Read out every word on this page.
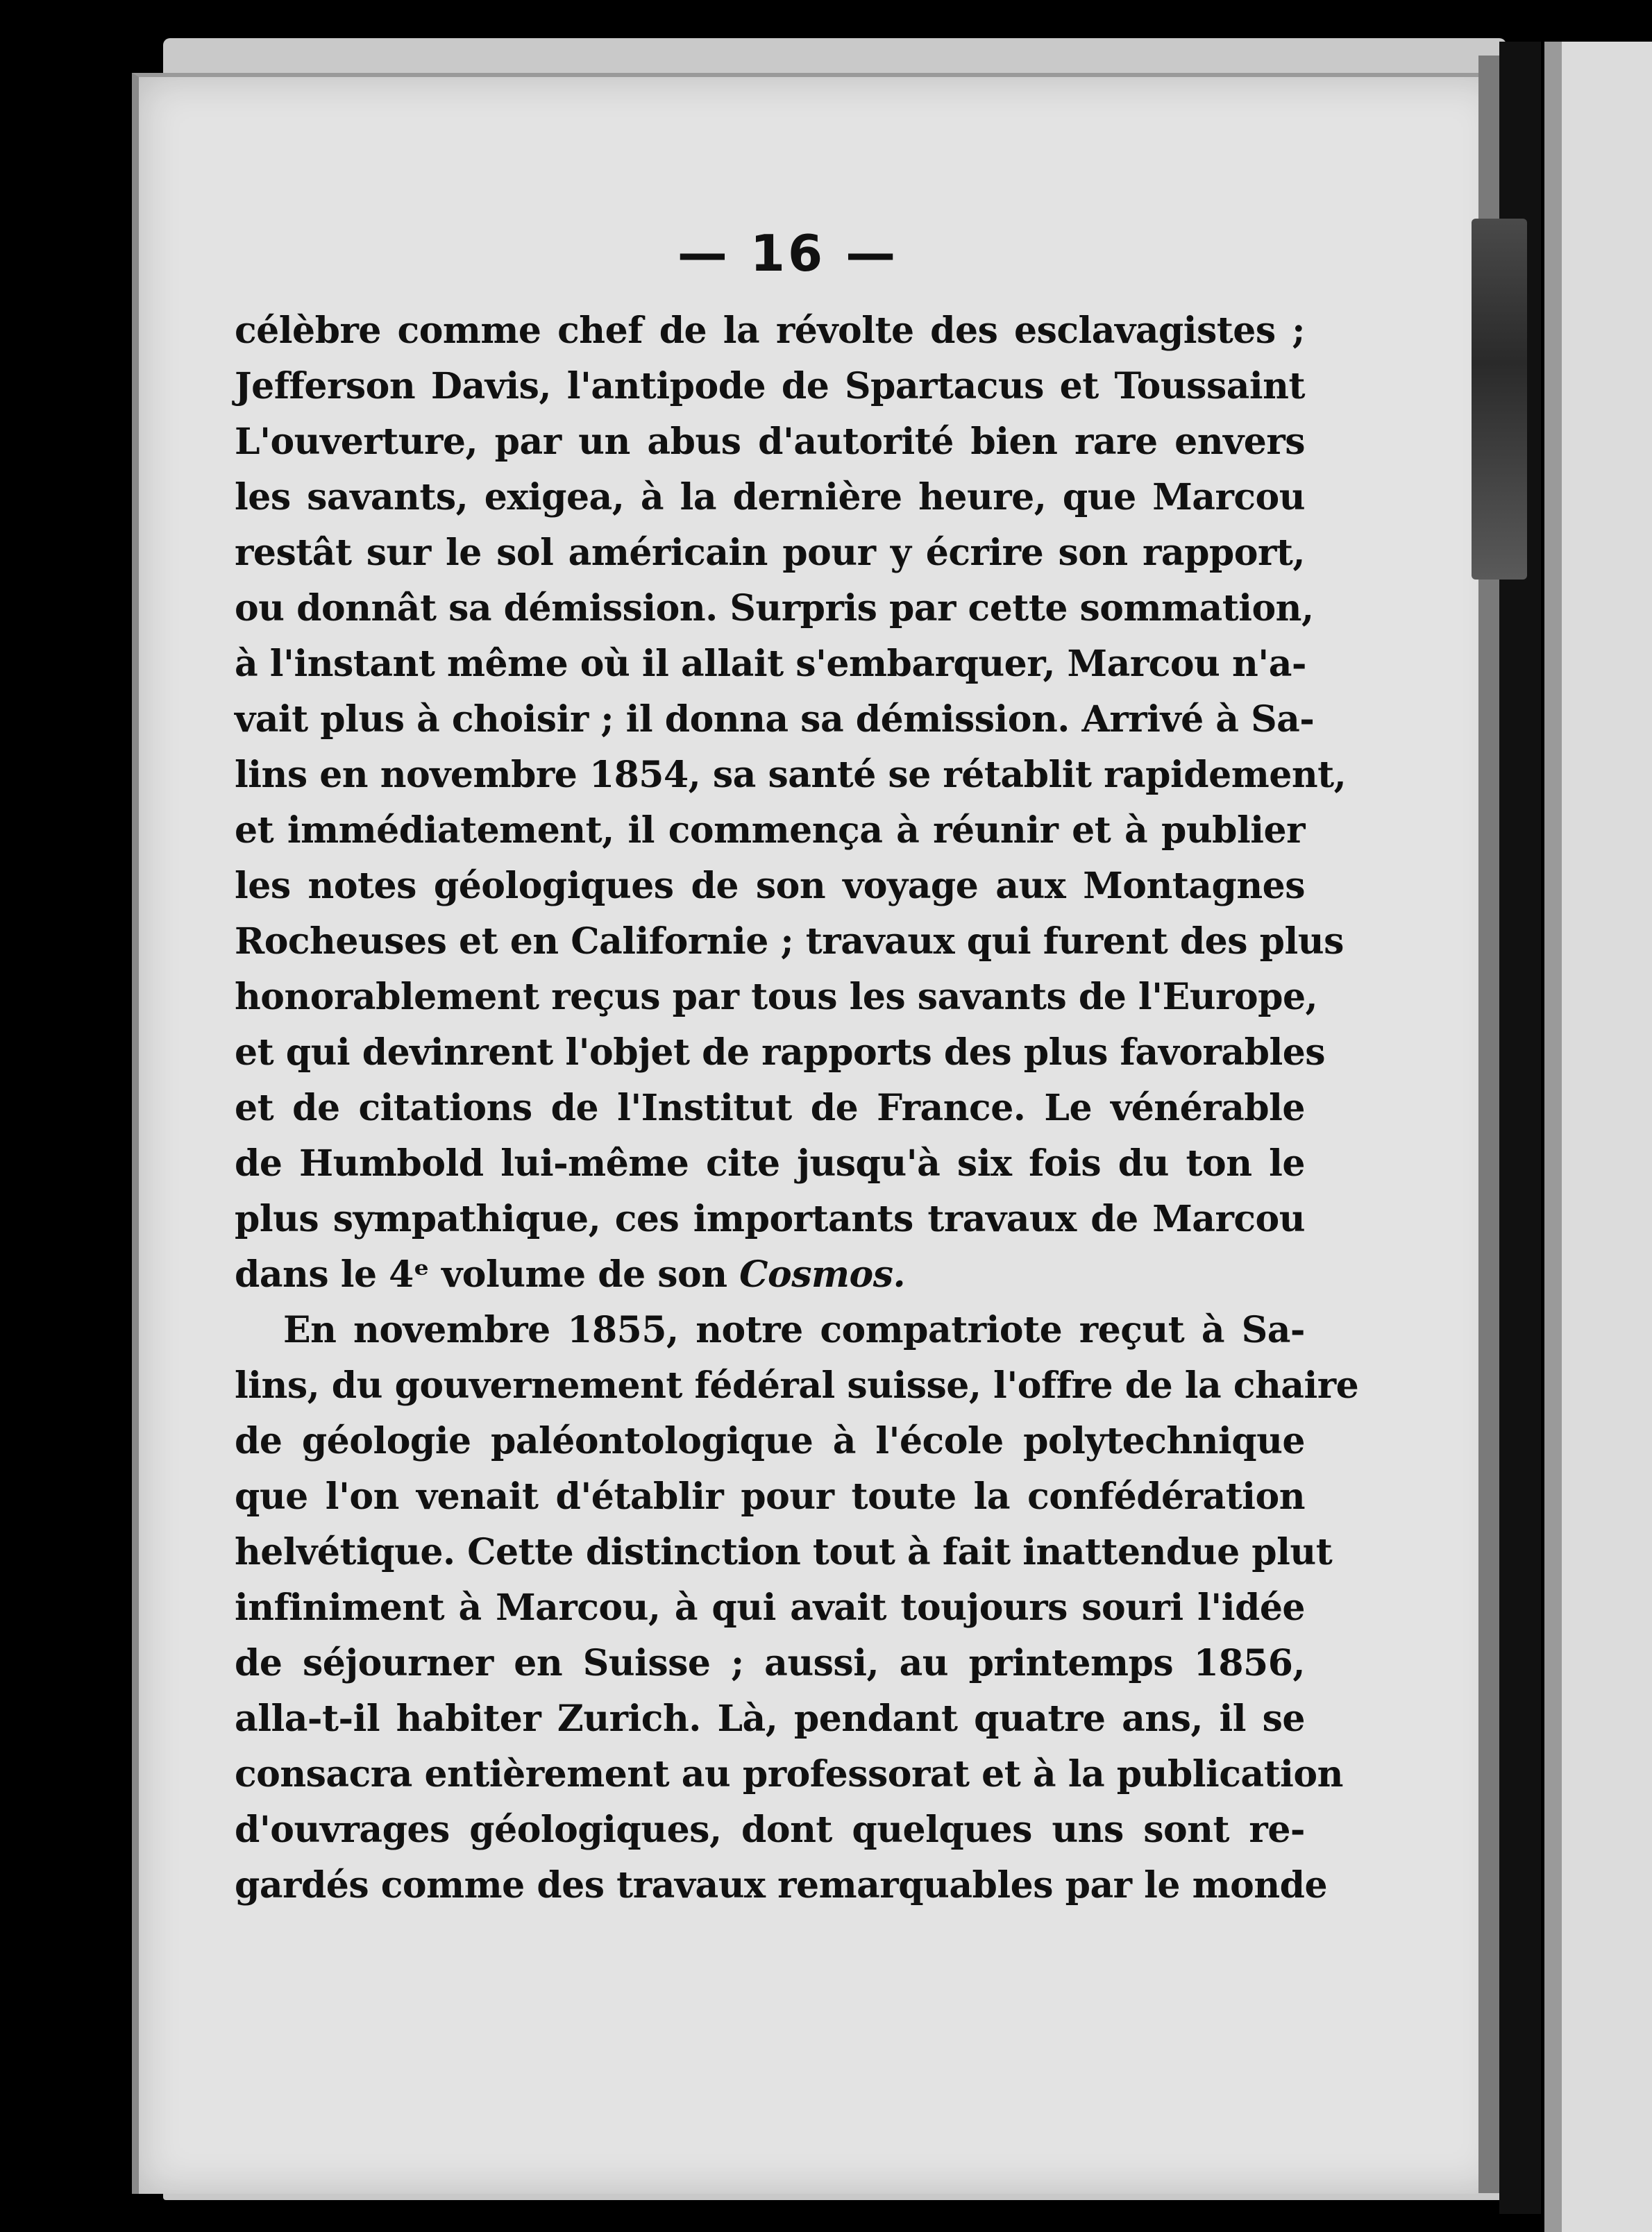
— 16 —
célèbre comme chef de la révolte des esclavagistes ;
Jefferson Davis, l'antipode de Spartacus et Toussaint
L'ouverture, par un abus d'autorité bien rare envers
les savants, exigea, à la dernière heure, que Marcou
restât sur le sol américain pour y écrire son rapport,
ou donnât sa démission. Surpris par cette sommation,
à l'instant même où il allait s'embarquer, Marcou n'a-
vait plus à choisir ; il donna sa démission. Arrivé à Sa-
lins en novembre 1854, sa santé se rétablit rapidement,
et immédiatement, il commença à réunir et à publier
les notes géologiques de son voyage aux Montagnes
Rocheuses et en Californie ; travaux qui furent des plus
honorablement reçus par tous les savants de l'Europe,
et qui devinrent l'objet de rapports des plus favorables
et de citations de l'Institut de France. Le vénérable
de Humbold lui-même cite jusqu'à six fois du ton le
plus sympathique, ces importants travaux de Marcou
dans le 4ᵉ volume de son Cosmos.
En novembre 1855, notre compatriote reçut à Sa-
lins, du gouvernement fédéral suisse, l'offre de la chaire
de géologie paléontologique à l'école polytechnique
que l'on venait d'établir pour toute la confédération
helvétique. Cette distinction tout à fait inattendue plut
infiniment à Marcou, à qui avait toujours souri l'idée
de séjourner en Suisse ; aussi, au printemps 1856,
alla-t-il habiter Zurich. Là, pendant quatre ans, il se
consacra entièrement au professorat et à la publication
d'ouvrages géologiques, dont quelques uns sont re-
gardés comme des travaux remarquables par le monde
